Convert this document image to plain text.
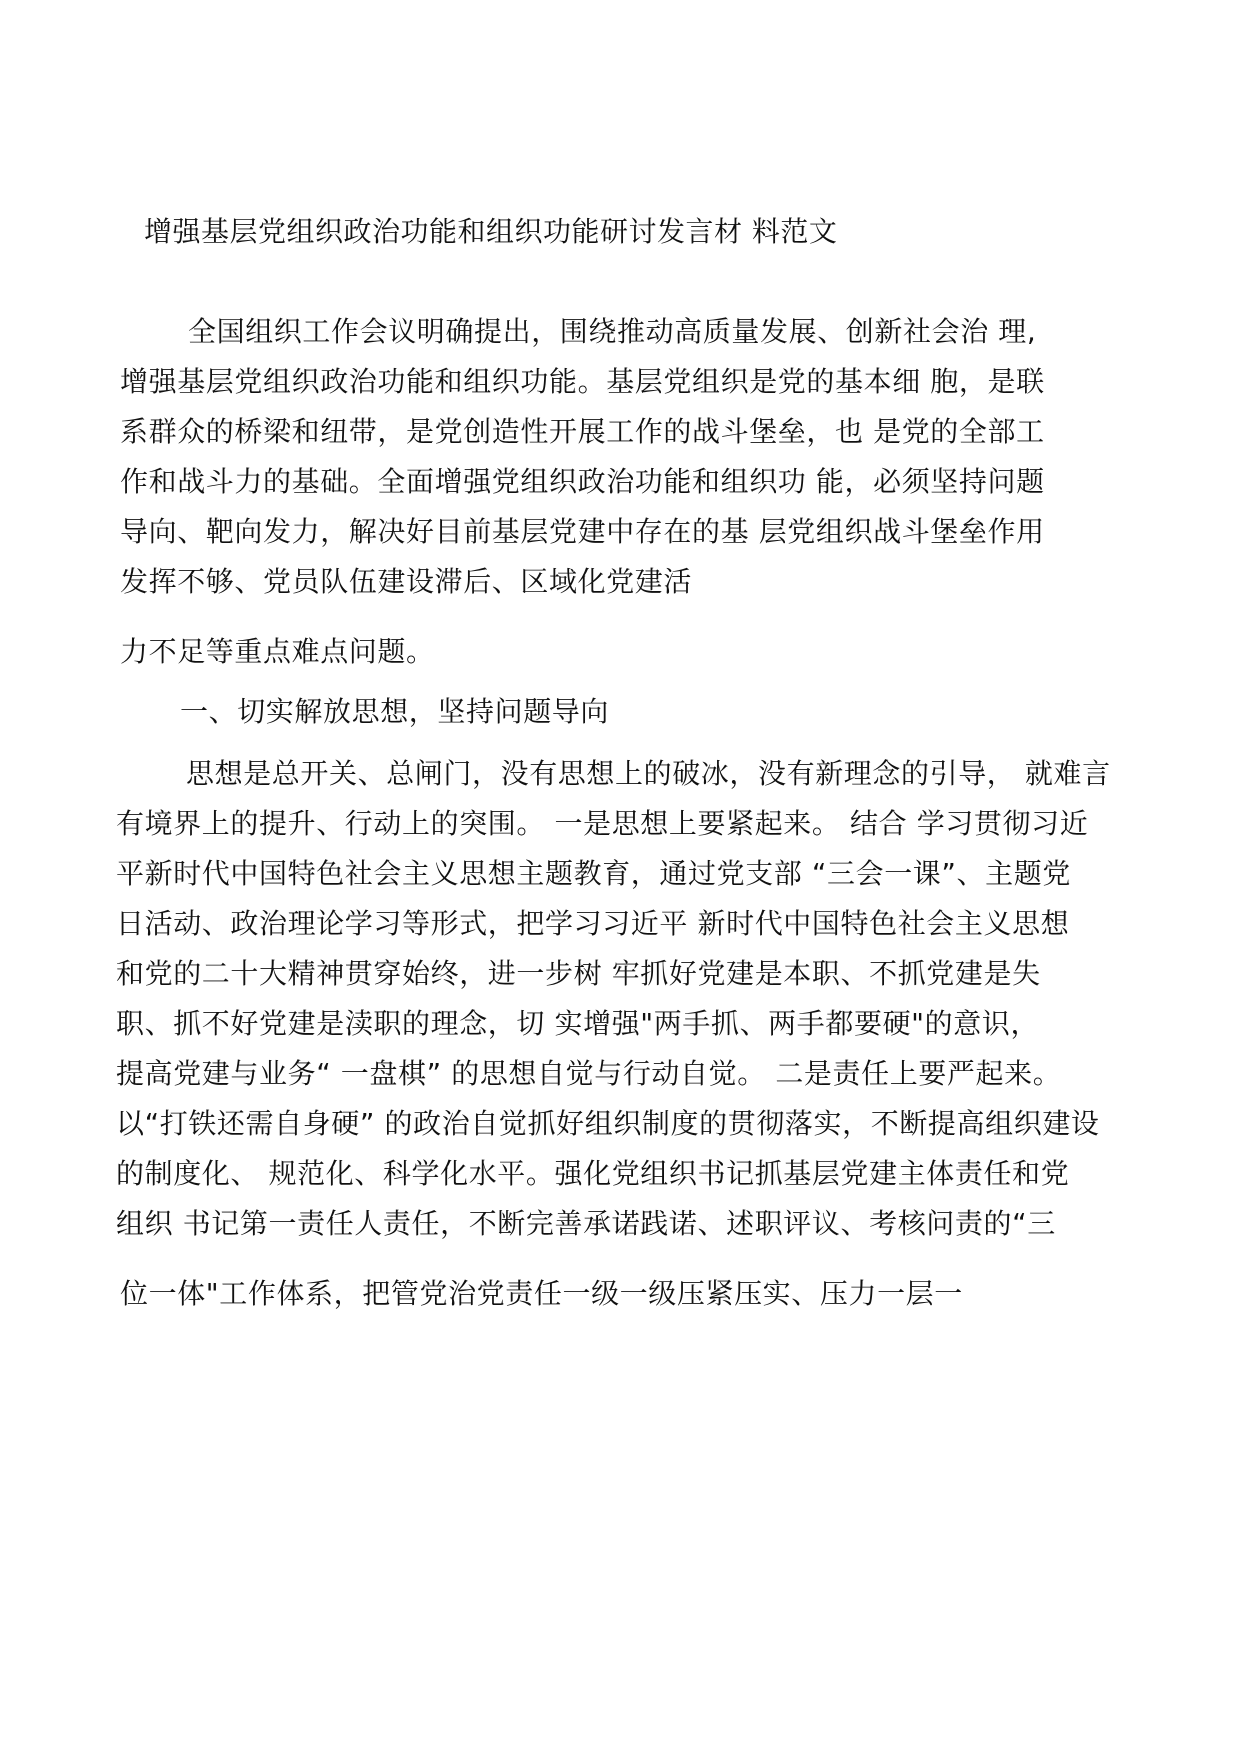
增强基层党组织政治功能和组织功能研讨发言材 料范文
全国组织工作会议明确提出，围绕推动高质量发展、创新社会治 理,
增强基层党组织政治功能和组织功能。基层党组织是党的基本细 胞，是联
系群众的桥梁和纽带，是党创造性开展工作的战斗堡垒，也 是党的全部工
作和战斗力的基础。全面增强党组织政治功能和组织功 能，必须坚持问题
导向、靶向发力，解决好目前基层党建中存在的基 层党组织战斗堡垒作用
发挥不够、党员队伍建设滞后、区域化党建活
力不足等重点难点问题。
一、切实解放思想，坚持问题导向
思想是总开关、总闸门，没有思想上的破冰，没有新理念的引导， 就难言
有境界上的提升、行动上的突围。 一是思想上要紧起来。 结合 学习贯彻习近
平新时代中国特色社会主义思想主题教育，通过党支部 “三会一课”、主题党
日活动、政治理论学习等形式，把学习习近平 新时代中国特色社会主义思想
和党的二十大精神贯穿始终，进一步树 牢抓好党建是本职、不抓党建是失
职、抓不好党建是渎职的理念，切 实增强"两手抓、两手都要硬"的意识，
提高党建与业务“ 一盘棋” 的思想自觉与行动自觉。 二是责任上要严起来。
以“打铁还需自身硬” 的政治自觉抓好组织制度的贯彻落实，不断提高组织建设
的制度化、 规范化、科学化水平。强化党组织书记抓基层党建主体责任和党
组织 书记第一责任人责任，不断完善承诺践诺、述职评议、考核问责的“三
位一体"工作体系，把管党治党责任一级一级压紧压实、压力一层一
